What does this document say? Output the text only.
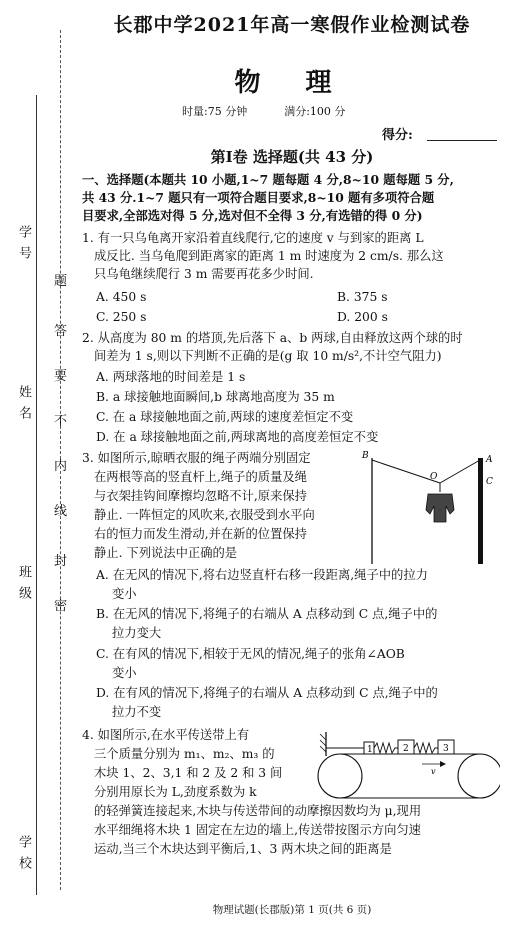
学 号
姓 名
班 级
学 校
题
答
要
不
内
线
封
密
长郡中学2021年高一寒假作业检测试卷
物 理
时量:75 分钟	满分:100 分
得分:
第Ⅰ卷 选择题(共 43 分)
一、选择题(本题共 10 小题,1~7 题每题 4 分,8~10 题每题 5 分,
共 43 分.1~7 题只有一项符合题目要求,8~10 题有多项符合题
目要求,全部选对得 5 分,选对但不全得 3 分,有选错的得 0 分)
1. 有一只乌龟离开家沿着直线爬行,它的速度 v 与到家的距离 L
成反比. 当乌龟爬到距离家的距离 1 m 时速度为 2 cm/s. 那么这
只乌龟继续爬行 3 m 需要再花多少时间.
A. 450 s	B. 375 s
C. 250 s	D. 200 s
2. 从高度为 80 m 的塔顶,先后落下 a、b 两球,自由释放这两个球的时
间差为 1 s,则以下判断不正确的是(g 取 10 m/s²,不计空气阻力)
A. 两球落地的时间差是 1 s
B. a 球接触地面瞬间,b 球离地高度为 35 m
C. 在 a 球接触地面之前,两球的速度差恒定不变
D. 在 a 球接触地面之前,两球离地的高度差恒定不变
3. 如图所示,晾晒衣服的绳子两端分别固定
在两根等高的竖直杆上,绳子的质量及绳
与衣架挂钩间摩擦均忽略不计,原来保持
静止. 一阵恒定的风吹来,衣服受到水平向
右的恒力而发生滑动,并在新的位置保持
静止. 下列说法中正确的是
B
O
A
C
A. 在无风的情况下,将右边竖直杆右移一段距离,绳子中的拉力
变小
B. 在无风的情况下,将绳子的右端从 A 点移动到 C 点,绳子中的
拉力变大
C. 在有风的情况下,相较于无风的情况,绳子的张角∠AOB
变小
D. 在有风的情况下,将绳子的右端从 A 点移动到 C 点,绳子中的
拉力不变
4. 如图所示,在水平传送带上有
三个质量分别为 m₁、m₂、m₃ 的
木块 1、2、3,1 和 2 及 2 和 3 间
分别用原长为 L,劲度系数为 k
的轻弹簧连接起来,木块与传送带间的动摩擦因数均为 μ,现用
水平细绳将木块 1 固定在左边的墙上,传送带按图示方向匀速
运动,当三个木块达到平衡后,1、3 两木块之间的距离是
1	2	3
v
物理试题(长郡版)第 1 页(共 6 页)
